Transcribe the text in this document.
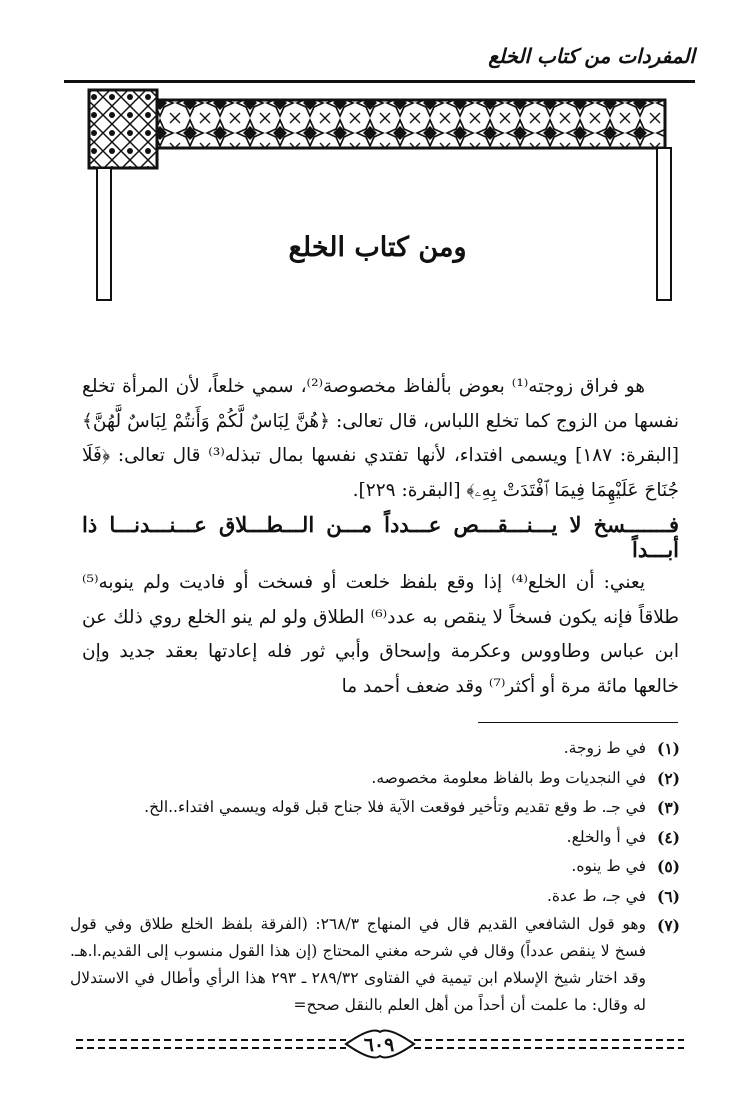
المفردات من كتاب الخلع
ومن كتاب الخلع
هو فراق زوجته⁽¹⁾ بعوض بألفاظ مخصوصة⁽²⁾، سمي خلعاً، لأن المرأة تخلع نفسها من الزوج كما تخلع اللباس، قال تعالى: ﴿هُنَّ لِبَاسٌ لَّكُمْ وَأَنتُمْ لِبَاسٌ لَّهُنَّ﴾ [البقرة: ١٨٧] ويسمى افتداء، لأنها تفتدي نفسها بمال تبذله⁽³⁾ قال تعالى: ﴿فَلَا جُنَاحَ عَلَيْهِمَا فِيمَا ٱفْتَدَتْ بِهِۦ﴾ [البقرة: ٢٢٩].
فـــــــسخ لا يـــنـــقـــص عـــدداً مـــن الـــطـــلاق عـــنـــدنـــا ذا أبـــداً
يعني: أن الخلع⁽⁴⁾ إذا وقع بلفظ خلعت أو فسخت أو فاديت ولم ينوبه⁽⁵⁾ طلاقاً فإنه يكون فسخاً لا ينقص به عدد⁽⁶⁾ الطلاق ولو لم ينو الخلع روي ذلك عن ابن عباس وطاووس وعكرمة وإسحاق وأبي ثور فله إعادتها بعقد جديد وإن خالعها مائة مرة أو أكثر⁽⁷⁾ وقد ضعف أحمد ما
(١)
في ط زوجة.
(٢)
في النجديات وط بالفاظ معلومة مخصوصه.
(٣)
في جـ. ط وقع تقديم وتأخير فوقعت الآية فلا جناح قبل قوله ويسمي افتداء..الخ.
(٤)
في أ والخلع.
(٥)
في ط ينوه.
(٦)
في جـ، ط عدة.
(٧)
وهو قول الشافعي القديم قال في المنهاج ٢٦٨/٣: (الفرقة بلفظ الخلع طلاق وفي قول فسخ لا ينقص عدداً) وقال في شرحه مغني المحتاج (إن هذا القول منسوب إلى القديم.ا.هـ. وقد اختار شيخ الإسلام ابن تيمية في الفتاوى ٢٨٩/٣٢ ـ ٢٩٣ هذا الرأي وأطال في الاستدلال له وقال: ما علمت أن أحداً من أهل العلم بالنقل صحح=
٦٠٩
